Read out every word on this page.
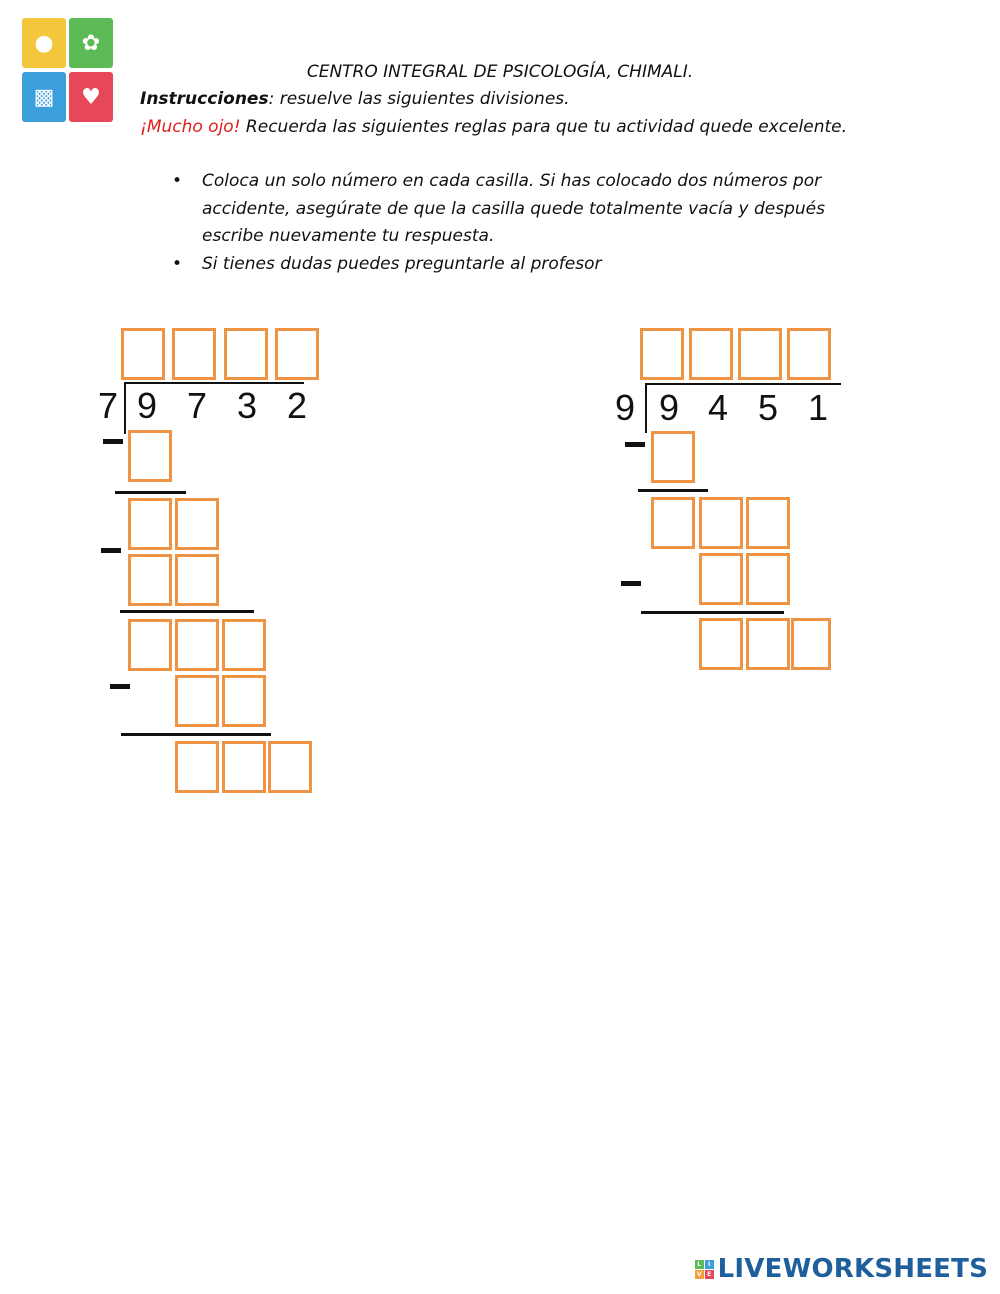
●	✿
▩	♥
CENTRO INTEGRAL DE PSICOLOGÍA, CHIMALI.
Instrucciones: resuelve las siguientes divisiones.
¡Mucho ojo! Recuerda las siguientes reglas para que tu actividad quede excelente.
• Coloca un solo número en cada casilla. Si has colocado dos números por accidente, asegúrate de que la casilla quede totalmente vacía y después escribe nuevamente tu respuesta.
• Si tienes dudas puedes preguntarle al profesor
7 9 7 3 2	9 9 4 5 1
L	I
V E LIVEWORKSHEETS
